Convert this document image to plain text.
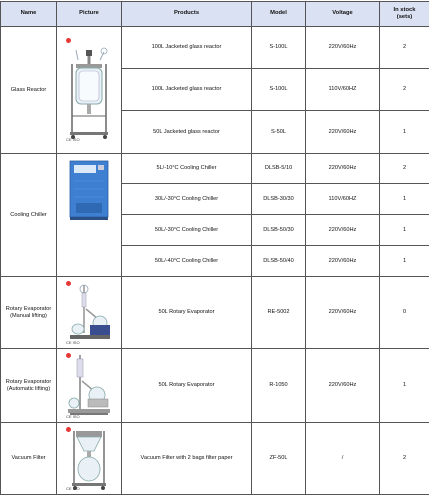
Name	Picture	Products	Model	Voltage	In stock
(sets)
Glass Reactor	CE ISO	100L Jacketed glass reactor	S-100L	220V/60Hz	2
		100L Jacketed glass reactor	S-100L	110V/60HZ	2
		50L Jacketed glass reactor	S-50L	220V/60Hz	1
Cooling Chiller		5L/-10°C Cooling Chiller	DLSB-5/10	220V/60Hz	2
		30L/-30°C Cooling Chiller	DLSB-30/30	110V/60HZ	1
		50L/-30°C Cooling Chiller	DLSB-50/30	220V/60Hz	1
		50L/-40°C Cooling Chiller	DLSB-50/40	220V/60Hz	1
Rotary Evaporator
(Manual lifting)	CE ISO	50L Rotary Evaporator	RE-5002	220V/60Hz	0
Rotary Evaporator
(Automatic lifting)	CE ISO	50L Rotary Evaporator	R-1050	220V/60Hz	1
Vacuum Filter	CE ISO	Vacuum Filter with 2 bags filter paper	ZF-50L	/	2
